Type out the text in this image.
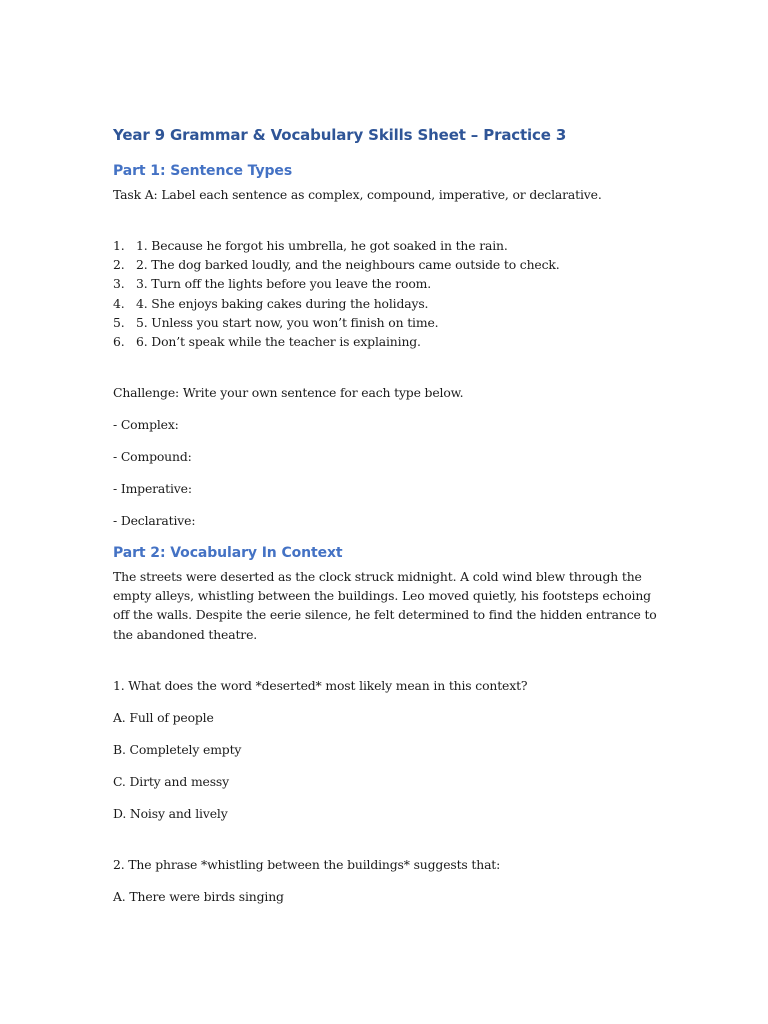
Year 9 Grammar & Vocabulary Skills Sheet – Practice 3
Part 1: Sentence Types

Task A: Label each sentence as complex, compound, imperative, or declarative.

1. 1. Because he forgot his umbrella, he got soaked in the rain.
2. 2. The dog barked loudly, and the neighbours came outside to check.
3. 3. Turn off the lights before you leave the room.
4. 4. She enjoys baking cakes during the holidays.
5. 5. Unless you start now, you won’t finish on time.
6. 6. Don’t speak while the teacher is explaining.

Challenge: Write your own sentence for each type below.

- Complex:

- Compound:

- Imperative:

- Declarative:

Part 2: Vocabulary In Context

The streets were deserted as the clock struck midnight. A cold wind blew through the empty alleys, whistling between the buildings. Leo moved quietly, his footsteps echoing off the walls. Despite the eerie silence, he felt determined to find the hidden entrance to the abandoned theatre.

1. What does the word *deserted* most likely mean in this context?

A. Full of people

B. Completely empty

C. Dirty and messy

D. Noisy and lively

2. The phrase *whistling between the buildings* suggests that:

A. There were birds singing
